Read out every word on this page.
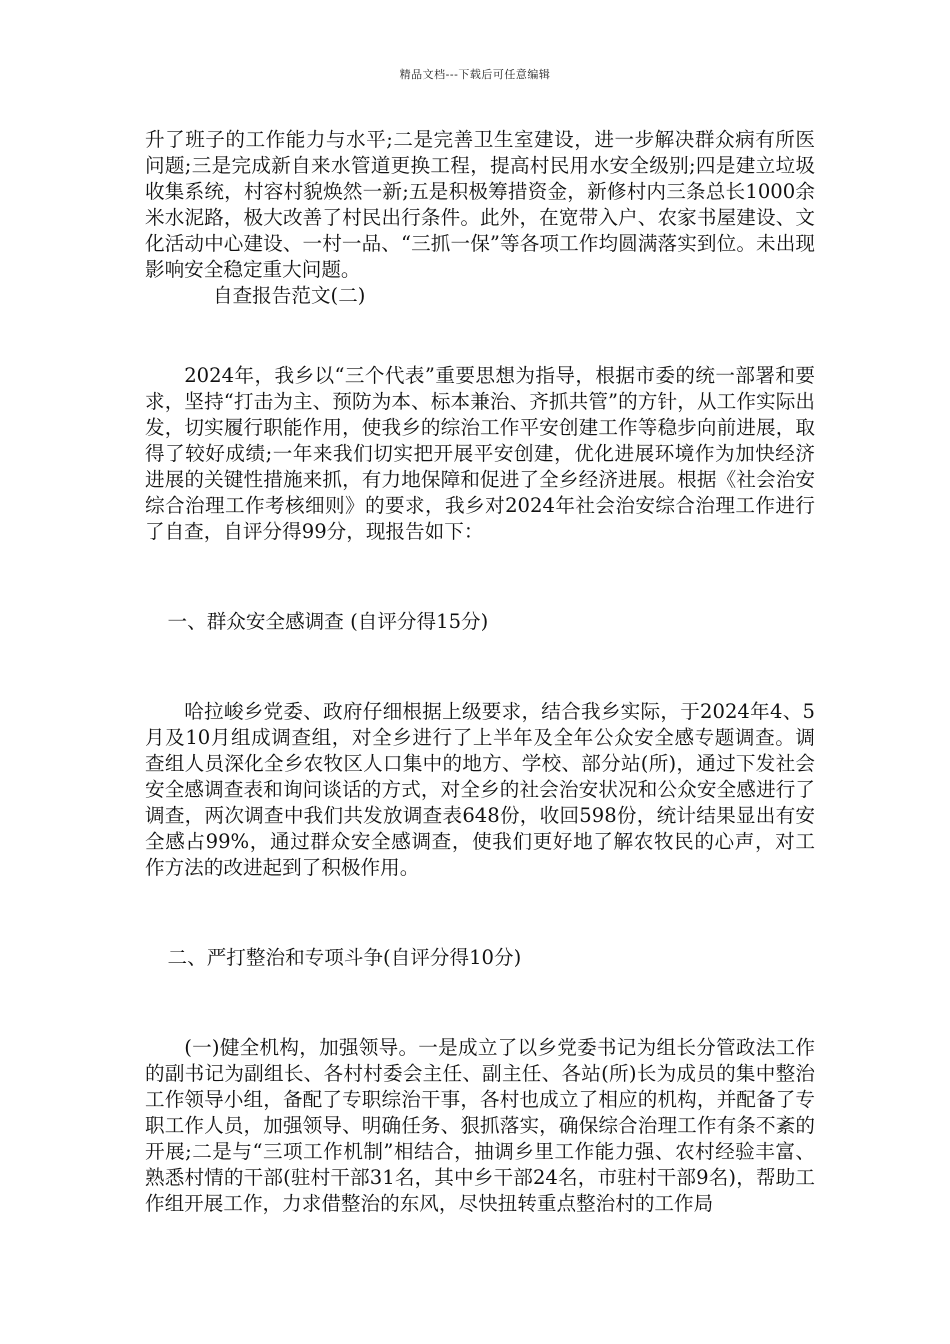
精品文档---下载后可任意编辑

升了班子的工作能力与水平;二是完善卫生室建设，进一步解决群众病有所医问题;三是完成新自来水管道更换工程，提高村民用水安全级别;四是建立垃圾收集系统，村容村貌焕然一新;五是积极筹措资金，新修村内三条总长1000余米水泥路，极大改善了村民出行条件。此外，在宽带入户、农家书屋建设、文化活动中心建设、一村一品、“三抓一保”等各项工作均圆满落实到位。未出现影响安全稳定重大问题。

自查报告范文(二)

2024年，我乡以“三个代表”重要思想为指导，根据市委的统一部署和要求，坚持“打击为主、预防为本、标本兼治、齐抓共管”的方针，从工作实际出发，切实履行职能作用，使我乡的综治工作平安创建工作等稳步向前进展，取得了较好成绩;一年来我们切实把开展平安创建，优化进展环境作为加快经济进展的关键性措施来抓，有力地保障和促进了全乡经济进展。根据《社会治安综合治理工作考核细则》的要求，我乡对2024年社会治安综合治理工作进行了自查，自评分得99分，现报告如下：

一、群众安全感调查 (自评分得15分)

哈拉峻乡党委、政府仔细根据上级要求，结合我乡实际，于2024年4、5月及10月组成调查组，对全乡进行了上半年及全年公众安全感专题调查。调查组人员深化全乡农牧区人口集中的地方、学校、部分站(所)，通过下发社会安全感调查表和询问谈话的方式，对全乡的社会治安状况和公众安全感进行了调查，两次调查中我们共发放调查表648份，收回598份，统计结果显出有安全感占99%，通过群众安全感调查，使我们更好地了解农牧民的心声，对工作方法的改进起到了积极作用。

二、严打整治和专项斗争(自评分得10分)

(一)健全机构，加强领导。一是成立了以乡党委书记为组长分管政法工作的副书记为副组长、各村村委会主任、副主任、各站(所)长为成员的集中整治工作领导小组，备配了专职综治干事，各村也成立了相应的机构，并配备了专职工作人员，加强领导、明确任务、狠抓落实，确保综合治理工作有条不紊的开展;二是与“三项工作机制”相结合，抽调乡里工作能力强、农村经验丰富、熟悉村情的干部(驻村干部31名，其中乡干部24名，市驻村干部9名)，帮助工作组开展工作，力求借整治的东风，尽快扭转重点整治村的工作局
